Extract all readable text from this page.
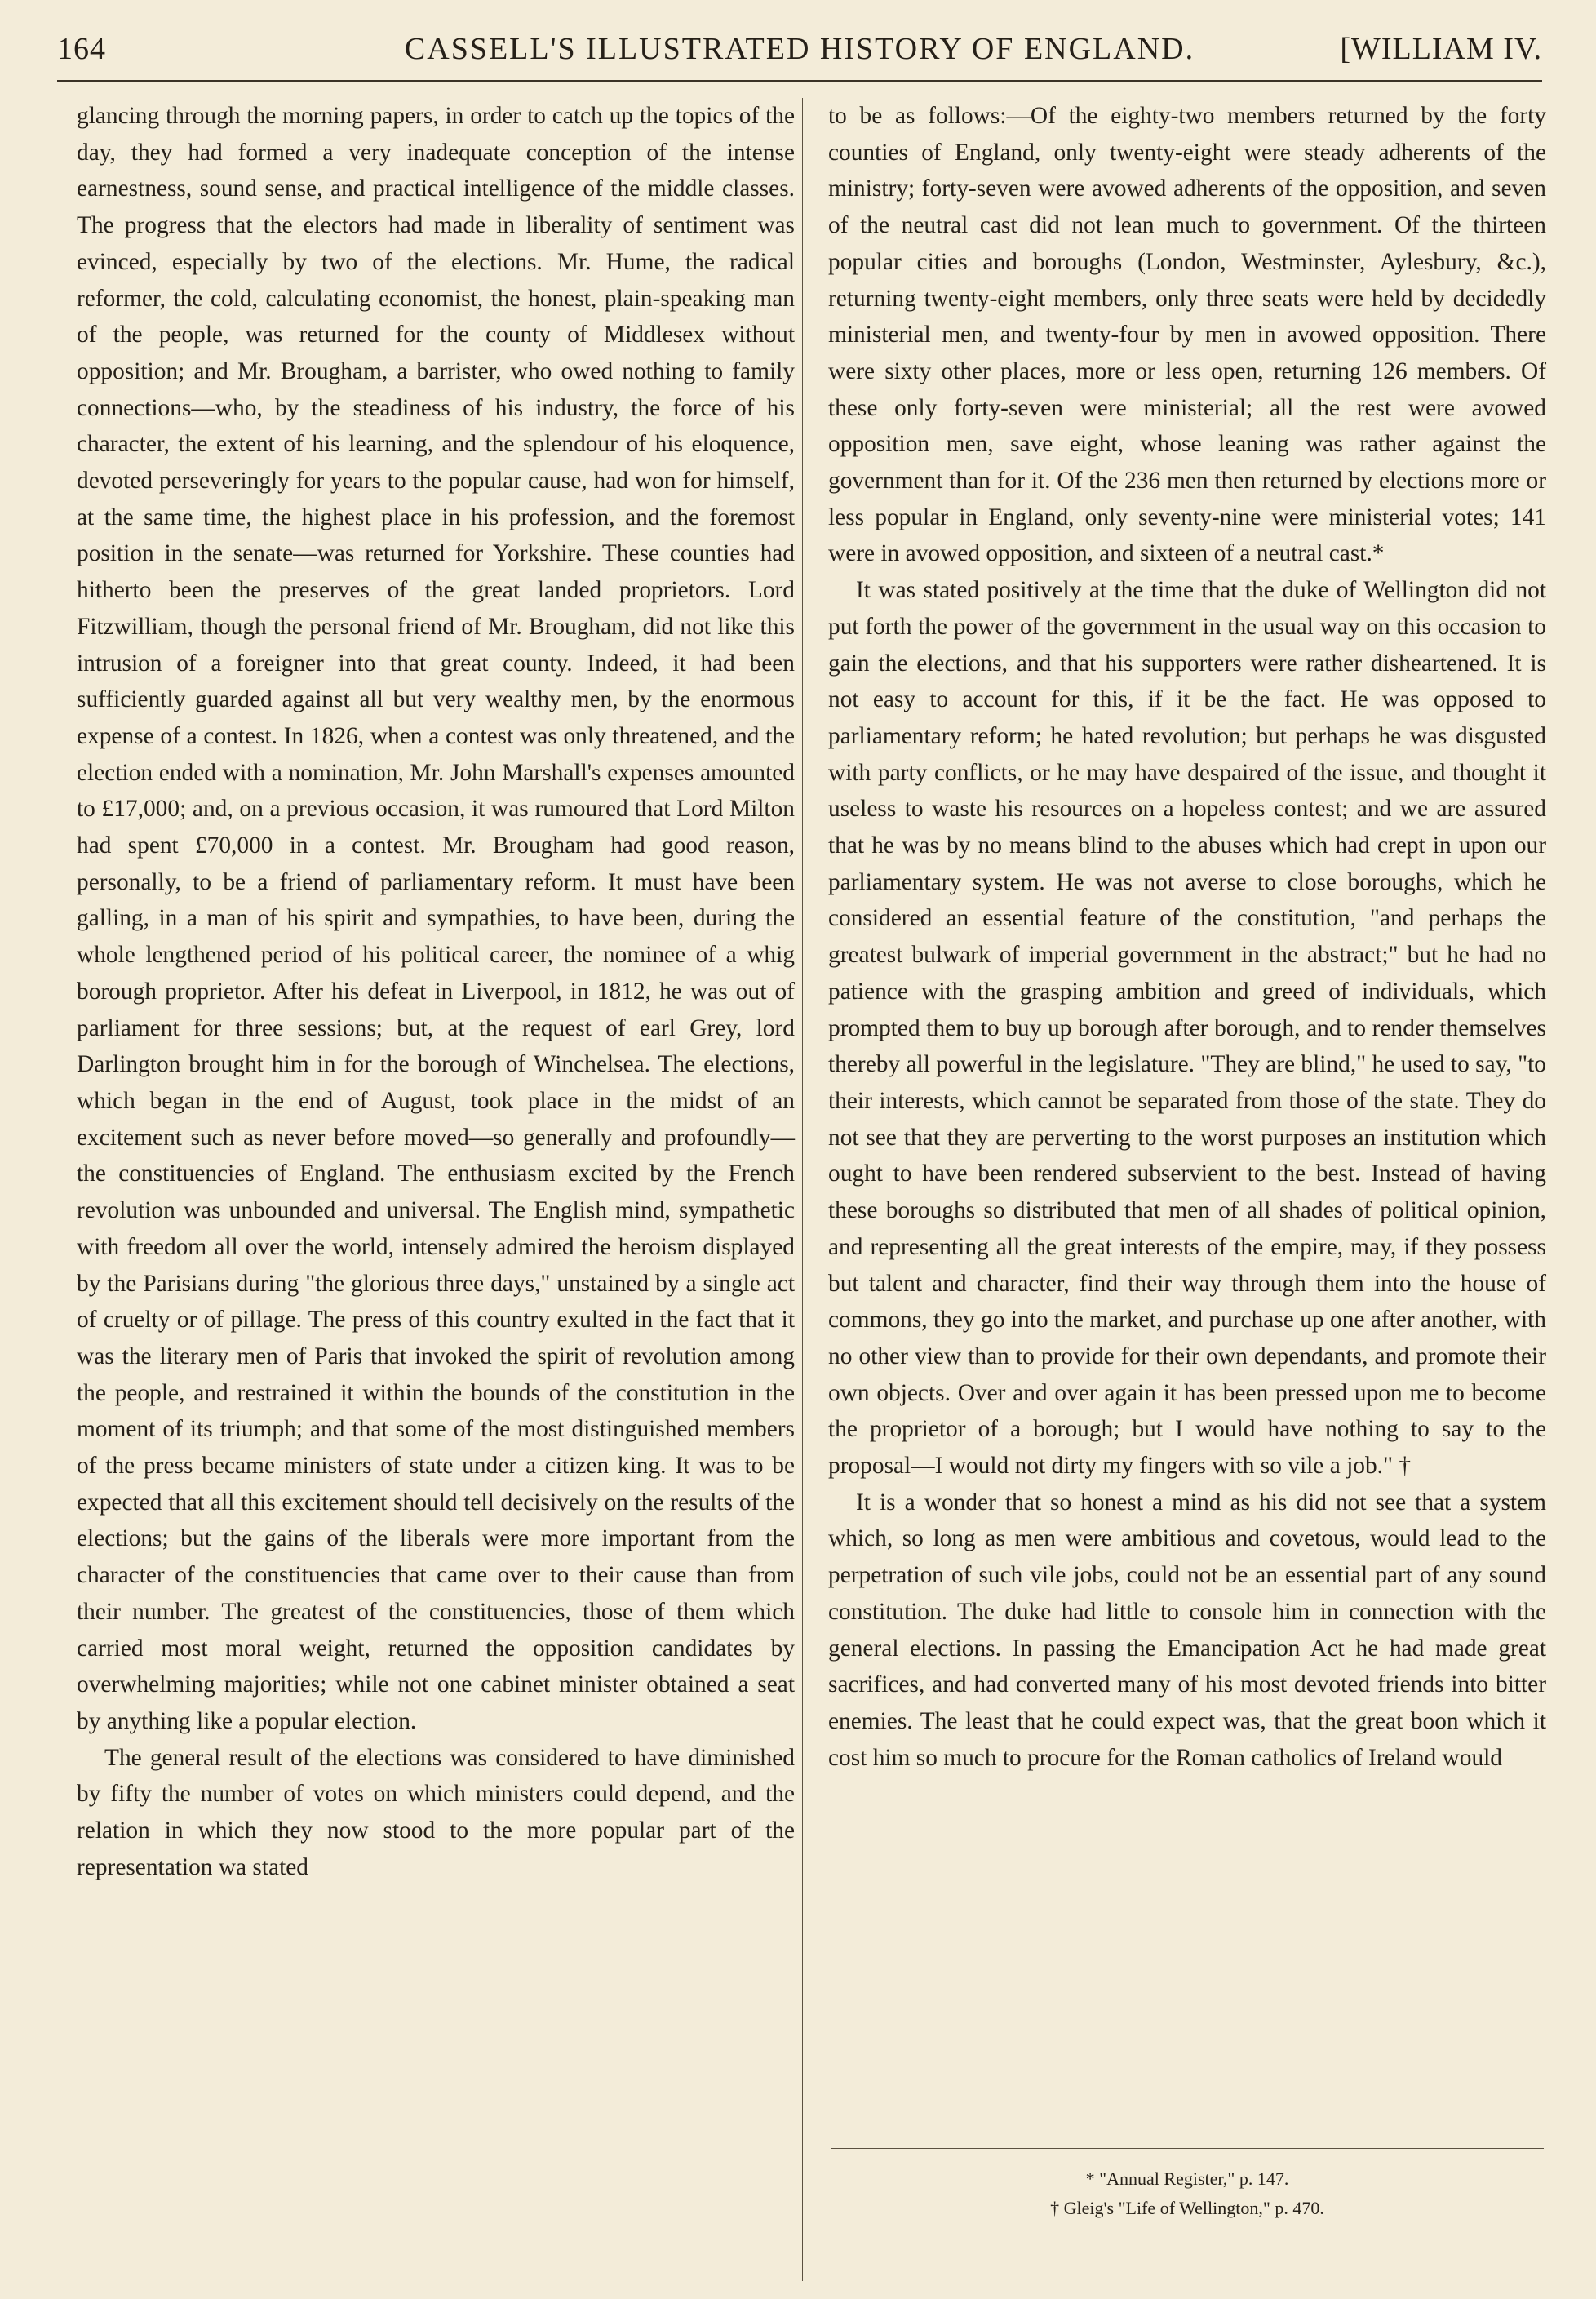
164	CASSELL'S ILLUSTRATED HISTORY OF ENGLAND.	[WILLIAM IV.

glancing through the morning papers, in order to catch up the topics of the day, they had formed a very inadequate conception of the intense earnestness, sound sense, and practical intelligence of the middle classes. The progress that the electors had made in liberality of sentiment was evinced, especially by two of the elections. Mr. Hume, the radical reformer, the cold, calculating economist, the honest, plain-speaking man of the people, was returned for the county of Middlesex without opposition; and Mr. Brougham, a barrister, who owed nothing to family connections—who, by the steadiness of his industry, the force of his character, the extent of his learning, and the splendour of his eloquence, devoted perseveringly for years to the popular cause, had won for himself, at the same time, the highest place in his profession, and the foremost position in the senate—was returned for Yorkshire. These counties had hitherto been the preserves of the great landed proprietors. Lord Fitzwilliam, though the personal friend of Mr. Brougham, did not like this intrusion of a foreigner into that great county. Indeed, it had been sufficiently guarded against all but very wealthy men, by the enormous expense of a contest. In 1826, when a contest was only threatened, and the election ended with a nomination, Mr. John Marshall's expenses amounted to £17,000; and, on a previous occasion, it was rumoured that Lord Milton had spent £70,000 in a contest. Mr. Brougham had good reason, personally, to be a friend of parliamentary reform. It must have been galling, in a man of his spirit and sympathies, to have been, during the whole lengthened period of his political career, the nominee of a whig borough proprietor. After his defeat in Liverpool, in 1812, he was out of parliament for three sessions; but, at the request of earl Grey, lord Darlington brought him in for the borough of Winchelsea. The elections, which began in the end of August, took place in the midst of an excitement such as never before moved—so generally and profoundly—the constituencies of England. The enthusiasm excited by the French revolution was unbounded and universal. The English mind, sympathetic with freedom all over the world, intensely admired the heroism displayed by the Parisians during "the glorious three days," unstained by a single act of cruelty or of pillage. The press of this country exulted in the fact that it was the literary men of Paris that invoked the spirit of revolution among the people, and restrained it within the bounds of the constitution in the moment of its triumph; and that some of the most distinguished members of the press became ministers of state under a citizen king. It was to be expected that all this excitement should tell decisively on the results of the elections; but the gains of the liberals were more important from the character of the constituencies that came over to their cause than from their number. The greatest of the constituencies, those of them which carried most moral weight, returned the opposition candidates by overwhelming majorities; while not one cabinet minister obtained a seat by anything like a popular election.

The general result of the elections was considered to have diminished by fifty the number of votes on which ministers could depend, and the relation in which they now stood to the more popular part of the representation wa stated

to be as follows:—Of the eighty-two members returned by the forty counties of England, only twenty-eight were steady adherents of the ministry; forty-seven were avowed adherents of the opposition, and seven of the neutral cast did not lean much to government. Of the thirteen popular cities and boroughs (London, Westminster, Aylesbury, &c.), returning twenty-eight members, only three seats were held by decidedly ministerial men, and twenty-four by men in avowed opposition. There were sixty other places, more or less open, returning 126 members. Of these only forty-seven were ministerial; all the rest were avowed opposition men, save eight, whose leaning was rather against the government than for it. Of the 236 men then returned by elections more or less popular in England, only seventy-nine were ministerial votes; 141 were in avowed opposition, and sixteen of a neutral cast.*

It was stated positively at the time that the duke of Wellington did not put forth the power of the government in the usual way on this occasion to gain the elections, and that his supporters were rather disheartened. It is not easy to account for this, if it be the fact. He was opposed to parliamentary reform; he hated revolution; but perhaps he was disgusted with party conflicts, or he may have despaired of the issue, and thought it useless to waste his resources on a hopeless contest; and we are assured that he was by no means blind to the abuses which had crept in upon our parliamentary system. He was not averse to close boroughs, which he considered an essential feature of the constitution, "and perhaps the greatest bulwark of imperial government in the abstract;" but he had no patience with the grasping ambition and greed of individuals, which prompted them to buy up borough after borough, and to render themselves thereby all powerful in the legislature. "They are blind," he used to say, "to their interests, which cannot be separated from those of the state. They do not see that they are perverting to the worst purposes an institution which ought to have been rendered subservient to the best. Instead of having these boroughs so distributed that men of all shades of political opinion, and representing all the great interests of the empire, may, if they possess but talent and character, find their way through them into the house of commons, they go into the market, and purchase up one after another, with no other view than to provide for their own dependants, and promote their own objects. Over and over again it has been pressed upon me to become the proprietor of a borough; but I would have nothing to say to the proposal—I would not dirty my fingers with so vile a job." †

It is a wonder that so honest a mind as his did not see that a system which, so long as men were ambitious and covetous, would lead to the perpetration of such vile jobs, could not be an essential part of any sound constitution. The duke had little to console him in connection with the general elections. In passing the Emancipation Act he had made great sacrifices, and had converted many of his most devoted friends into bitter enemies. The least that he could expect was, that the great boon which it cost him so much to procure for the Roman catholics of Ireland would

* "Annual Register," p. 147.
† Gleig's "Life of Wellington," p. 470.
